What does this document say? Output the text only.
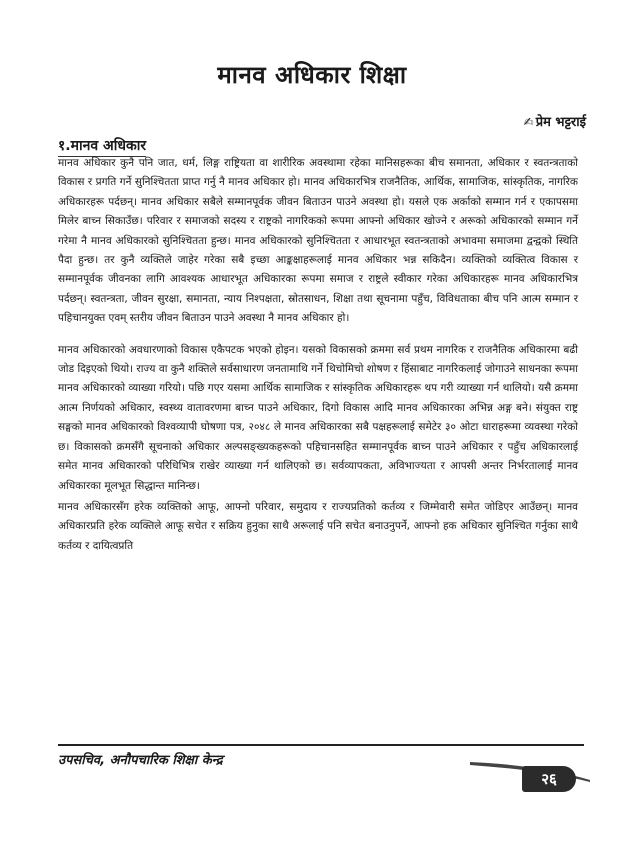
मानव अधिकार शिक्षा
✍ प्रेम भट्टराई
१.मानव अधिकार

मानव अधिकार कुनै पनि जात, धर्म, लिङ्ग राष्ट्रियता वा शारीरिक अवस्थामा रहेका मानिसहरूका बीच समानता, अधिकार र स्वतन्त्रताको विकास र प्रगति गर्ने सुनिश्चितता प्राप्त गर्नु नै मानव अधिकार हो। मानव अधिकारभित्र राजनैतिक, आर्थिक, सामाजिक, सांस्कृतिक, नागरिक अधिकारहरू पर्दछन्। मानव अधिकार सबैले सम्मानपूर्वक जीवन बिताउन पाउने अवस्था हो। यसले एक अर्काको सम्मान गर्न र एकापसमा मिलेर बाच्न सिकाउँछ। परिवार र समाजको सदस्य र राष्ट्रको नागरिकको रूपमा आफ्नो अधिकार खोज्ने र अरूको अधिकारको सम्मान गर्ने गरेमा नै मानव अधिकारको सुनिश्चितता हुन्छ। मानव अधिकारको सुनिश्चितता र आधारभूत स्वतन्त्रताको अभावमा समाजमा द्वन्द्वको स्थिति पैदा हुन्छ। तर कुनै व्यक्तिले जाहेर गरेका सबै इच्छा आङ्कक्षाहरूलाई मानव अधिकार भन्न सकिदैन। व्यक्तिको व्यक्तित्व विकास र सम्मानपूर्वक जीवनका लागि आवश्यक आधारभूत अधिकारका रूपमा समाज र राष्ट्रले स्वीकार गरेका अधिकारहरू मानव अधिकारभित्र पर्दछन्। स्वतन्त्रता, जीवन सुरक्षा, समानता, न्याय निश्पक्षता, स्रोतसाधन, शिक्षा तथा सूचनामा पहुँच, विविधताका बीच पनि आत्म सम्मान र पहिचानयुक्त एवम् स्तरीय जीवन बिताउन पाउने अवस्था नै मानव अधिकार हो।

मानव अधिकारको अवधारणाको विकास एकैपटक भएको होइन। यसको विकासको क्रममा सर्व प्रथम नागरिक र राजनैतिक अधिकारमा बढी जोड दिइएको थियो। राज्य वा कुनै शक्तिले सर्वसाधारण जनतामाथि गर्ने थिचोमिचो शोषण र हिंसाबाट नागरिकलाई जोगाउने साधनका रूपमा मानव अधिकारको व्याख्या गरियो। पछि गएर यसमा आर्थिक सामाजिक र सांस्कृतिक अधिकारहरू थप गरी व्याख्या गर्न थालियो। यसै क्रममा आत्म निर्णयको अधिकार, स्वस्थ्य वातावरणमा बाच्न पाउने अधिकार, दिगो विकास आदि मानव अधिकारका अभिन्न अङ्ग बने। संयुक्त राष्ट्र सङ्घको मानव अधिकारको विश्वव्यापी घोषणा पत्र, २०४८ ले मानव अधिकारका सबै पक्षहरूलाई समेटेर ३० ओटा धाराहरूमा व्यवस्था गरेको छ। विकासको क्रमसँगै सूचनाको अधिकार अल्पसङ्ख्यकहरूको पहिचानसहित सम्मानपूर्वक बाच्न पाउने अधिकार र पहुँच अधिकारलाई समेत मानव अधिकारको परिधिभित्र राखेर व्याख्या गर्न थालिएको छ। सर्वव्यापकता, अविभाज्यता र आपसी अन्तर निर्भरतालाई मानव अधिकारका मूलभूत सिद्धान्त मानिन्छ।

मानव अधिकारसँग हरेक व्यक्तिको आफू, आफ्नो परिवार, समुदाय र राज्यप्रतिको कर्तव्य र जिम्मेवारी समेत जोडिएर आउँछन्। मानव अधिकारप्रति हरेक व्यक्तिले आफू सचेत र सक्रिय हुनुका साथै अरूलाई पनि सचेत बनाउनुपर्ने, आफ्नो हक अधिकार सुनिश्चित गर्नुका साथै कर्तव्य र दायित्वप्रति

उपसचिव, अनौपचारिक शिक्षा केन्द्र
२६
